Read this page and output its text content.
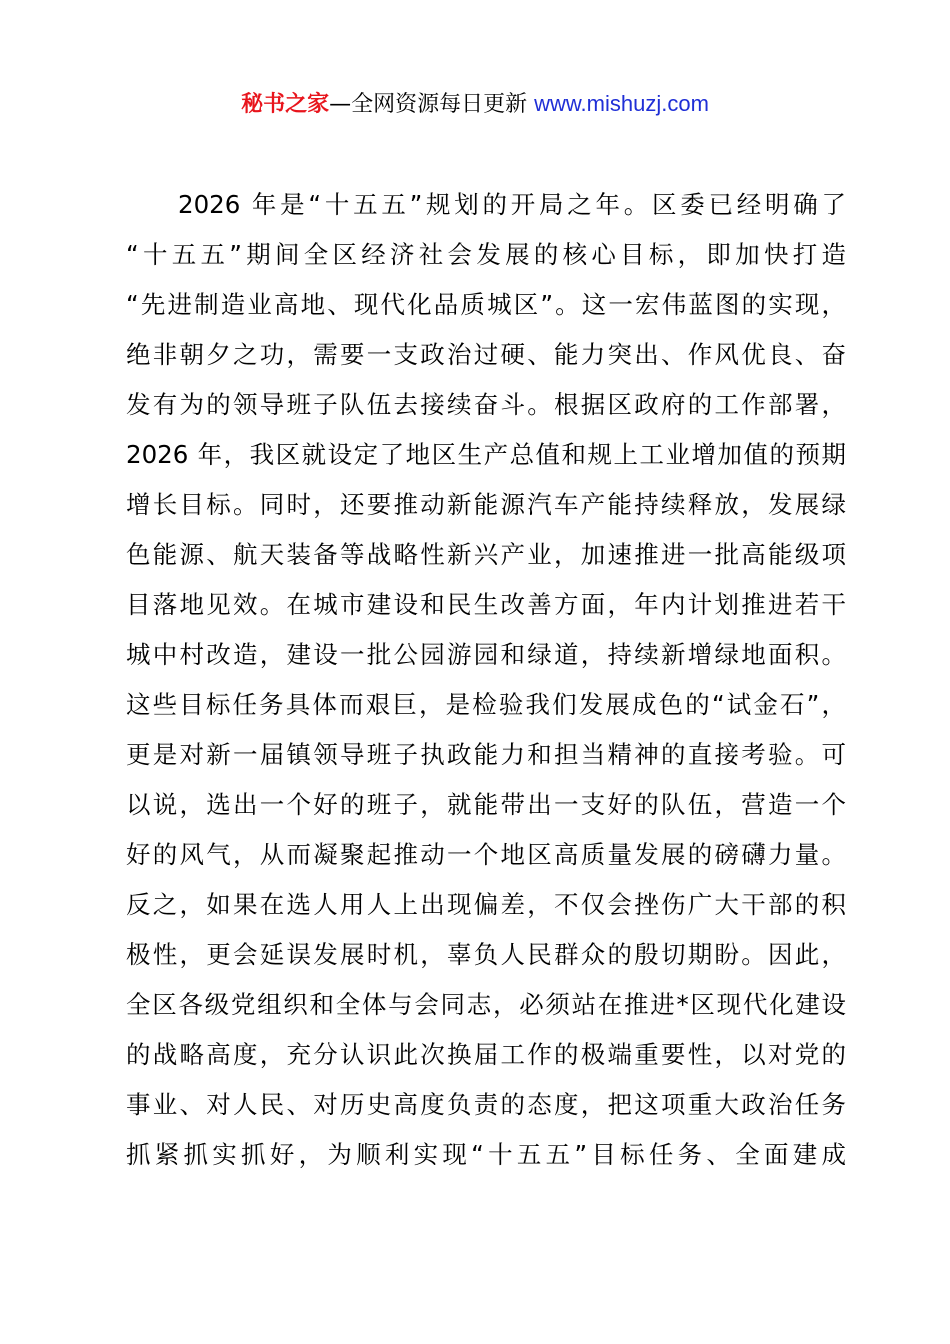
秘书之家—全网资源每日更新 www.mishuzj.com
2026 年是“十五五”规划的开局之年。区委已经明确了
“十五五”期间全区经济社会发展的核心目标，即加快打造
“先进制造业高地、现代化品质城区”。这一宏伟蓝图的实现，
绝非朝夕之功，需要一支政治过硬、能力突出、作风优良、奋
发有为的领导班子队伍去接续奋斗。根据区政府的工作部署，
2026 年，我区就设定了地区生产总值和规上工业增加值的预期
增长目标。同时，还要推动新能源汽车产能持续释放，发展绿
色能源、航天装备等战略性新兴产业，加速推进一批高能级项
目落地见效。在城市建设和民生改善方面，年内计划推进若干
城中村改造，建设一批公园游园和绿道，持续新增绿地面积。
这些目标任务具体而艰巨，是检验我们发展成色的“试金石”，
更是对新一届镇领导班子执政能力和担当精神的直接考验。可
以说，选出一个好的班子，就能带出一支好的队伍，营造一个
好的风气，从而凝聚起推动一个地区高质量发展的磅礴力量。
反之，如果在选人用人上出现偏差，不仅会挫伤广大干部的积
极性，更会延误发展时机，辜负人民群众的殷切期盼。因此，
全区各级党组织和全体与会同志，必须站在推进*区现代化建设
的战略高度，充分认识此次换届工作的极端重要性，以对党的
事业、对人民、对历史高度负责的态度，把这项重大政治任务
抓紧抓实抓好，为顺利实现“十五五”目标任务、全面建成
